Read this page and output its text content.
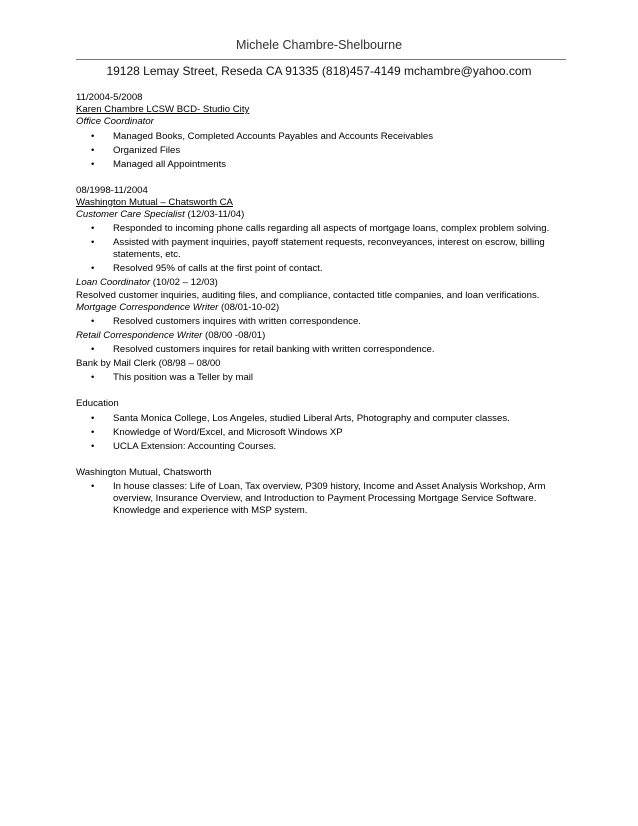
Michele Chambre-Shelbourne
19128 Lemay Street, Reseda CA 91335 (818)457-4149 mchambre@yahoo.com

11/2004-5/2008

Karen Chambre LCSW BCD- Studio City

Office Coordinator

• Managed Books, Completed Accounts Payables and Accounts Receivables
• Organized Files
• Managed all Appointments

08/1998-11/2004

Washington Mutual – Chatsworth CA

Customer Care Specialist (12/03-11/04)

• Responded to incoming phone calls regarding all aspects of mortgage loans, complex problem solving.
• Assisted with payment inquiries, payoff statement requests, reconveyances, interest on escrow, billing statements, etc.
• Resolved 95% of calls at the first point of contact.

Loan Coordinator (10/02 – 12/03)

Resolved customer inquiries, auditing files, and compliance, contacted title companies, and loan verifications.

Mortgage Correspondence Writer (08/01-10-02)

• Resolved customers inquires with written correspondence.

Retail Correspondence Writer (08/00 -08/01)

• Resolved customers inquires for retail banking with written correspondence.

Bank by Mail Clerk (08/98 – 08/00

• This position was a Teller by mail

Education

• Santa Monica College, Los Angeles, studied Liberal Arts, Photography and computer classes.
• Knowledge of Word/Excel, and Microsoft Windows XP
• UCLA Extension: Accounting Courses.

Washington Mutual, Chatsworth

• In house classes: Life of Loan, Tax overview, P309 history, Income and Asset Analysis Workshop, Arm overview, Insurance Overview, and Introduction to Payment Processing Mortgage Service Software. Knowledge and experience with MSP system.
